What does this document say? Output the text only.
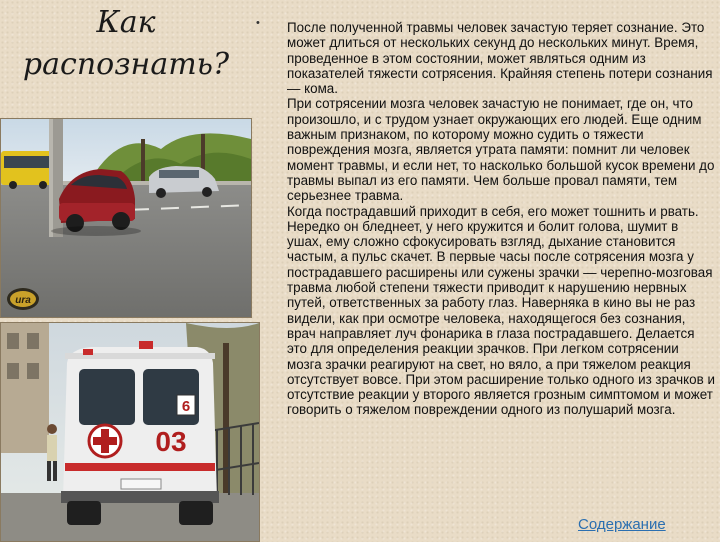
Как
распознать?
ura
6
03
• После полученной травмы человек зачастую теряет сознание. Это может длиться от нескольких секунд до нескольких минут. Время, проведенное в этом состоянии, может являться одним из показателей тяжести сотрясения. Крайняя степень потери сознания — кома.

При сотрясении мозга человек зачастую не понимает, где он, что произошло, и с трудом узнает окружающих его людей. Еще одним важным признаком, по которому можно судить о тяжести повреждения мозга, является утрата памяти: помнит ли человек момент травмы, и если нет, то насколько большой кусок времени до травмы выпал из его памяти. Чем больше провал памяти, тем серьезнее травма.

Когда пострадавший приходит в себя, его может тошнить и рвать. Нередко он бледнеет, у него кружится и болит голова, шумит в ушах, ему сложно сфокусировать взгляд, дыхание становится частым, а пульс скачет. В первые часы после сотрясения мозга у пострадавшего расширены или сужены зрачки — черепно-мозговая травма любой степени тяжести приводит к нарушению нервных путей, ответственных за работу глаз. Наверняка в кино вы не раз видели, как при осмотре человека, находящегося без сознания, врач направляет луч фонарика в глаза пострадавшего. Делается это для определения реакции зрачков. При легком сотрясении мозга зрачки реагируют на свет, но вяло, а при тяжелом реакция отсутствует вовсе. При этом расширение только одного из зрачков и отсутствие реакции у второго является грозным симптомом и может говорить о тяжелом повреждении одного из полушарий мозга.

Содержание
